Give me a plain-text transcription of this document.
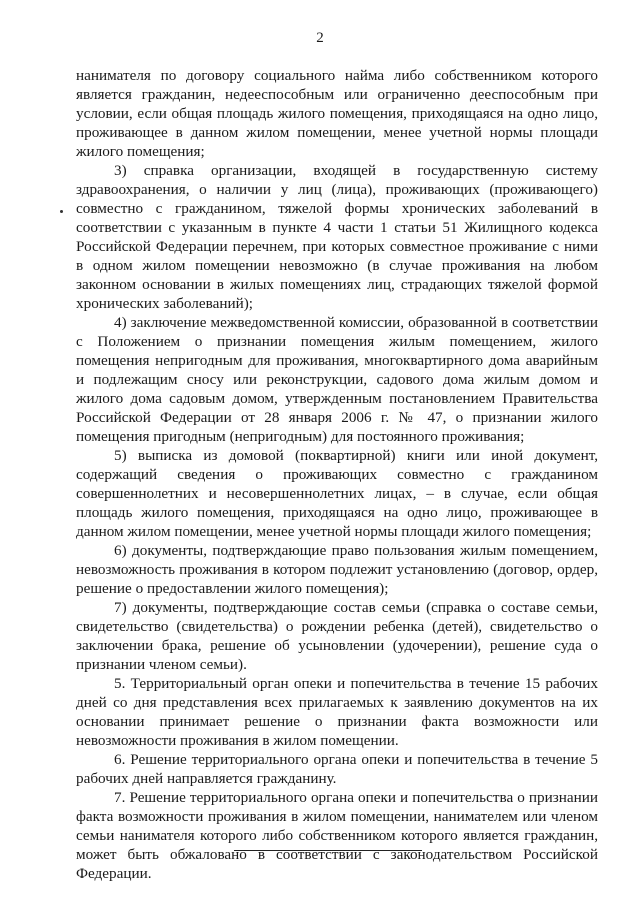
2

нанимателя по договору социального найма либо собственником которого является гражданин, недееспособным или ограниченно дееспособным при условии, если общая площадь жилого помещения, приходящаяся на одно лицо, проживающее в данном жилом помещении, менее учетной нормы площади жилого помещения;

3) справка организации, входящей в государственную систему здравоохранения, о наличии у лиц (лица), проживающих (проживающего) совместно с гражданином, тяжелой формы хронических заболеваний в соответствии с указанным в пункте 4 части 1 статьи 51 Жилищного кодекса Российской Федерации перечнем, при которых совместное проживание с ними в одном жилом помещении невозможно (в случае проживания на любом законном основании в жилых помещениях лиц, страдающих тяжелой формой хронических заболеваний);

4) заключение межведомственной комиссии, образованной в соответствии с Положением о признании помещения жилым помещением, жилого помещения непригодным для проживания, многоквартирного дома аварийным и подлежащим сносу или реконструкции, садового дома жилым домом и жилого дома садовым домом, утвержденным постановлением Правительства Российской Федерации от 28 января 2006 г. № 47, о признании жилого помещения пригодным (непригодным) для постоянного проживания;

5) выписка из домовой (поквартирной) книги или иной документ, содержащий сведения о проживающих совместно с гражданином совершеннолетних и несовершеннолетних лицах, – в случае, если общая площадь жилого помещения, приходящаяся на одно лицо, проживающее в данном жилом помещении, менее учетной нормы площади жилого помещения;

6) документы, подтверждающие право пользования жилым помещением, невозможность проживания в котором подлежит установлению (договор, ордер, решение о предоставлении жилого помещения);

7) документы, подтверждающие состав семьи (справка о составе семьи, свидетельство (свидетельства) о рождении ребенка (детей), свидетельство о заключении брака, решение об усыновлении (удочерении), решение суда о признании членом семьи).

5. Территориальный орган опеки и попечительства в течение 15 рабочих дней со дня представления всех прилагаемых к заявлению документов на их основании принимает решение о признании факта возможности или невозможности проживания в жилом помещении.

6. Решение территориального органа опеки и попечительства в течение 5 рабочих дней направляется гражданину.

7. Решение территориального органа опеки и попечительства о признании факта возможности проживания в жилом помещении, нанимателем или членом семьи нанимателя которого либо собственником которого является гражданин, может быть обжаловано в соответствии с законодательством Российской Федерации.
